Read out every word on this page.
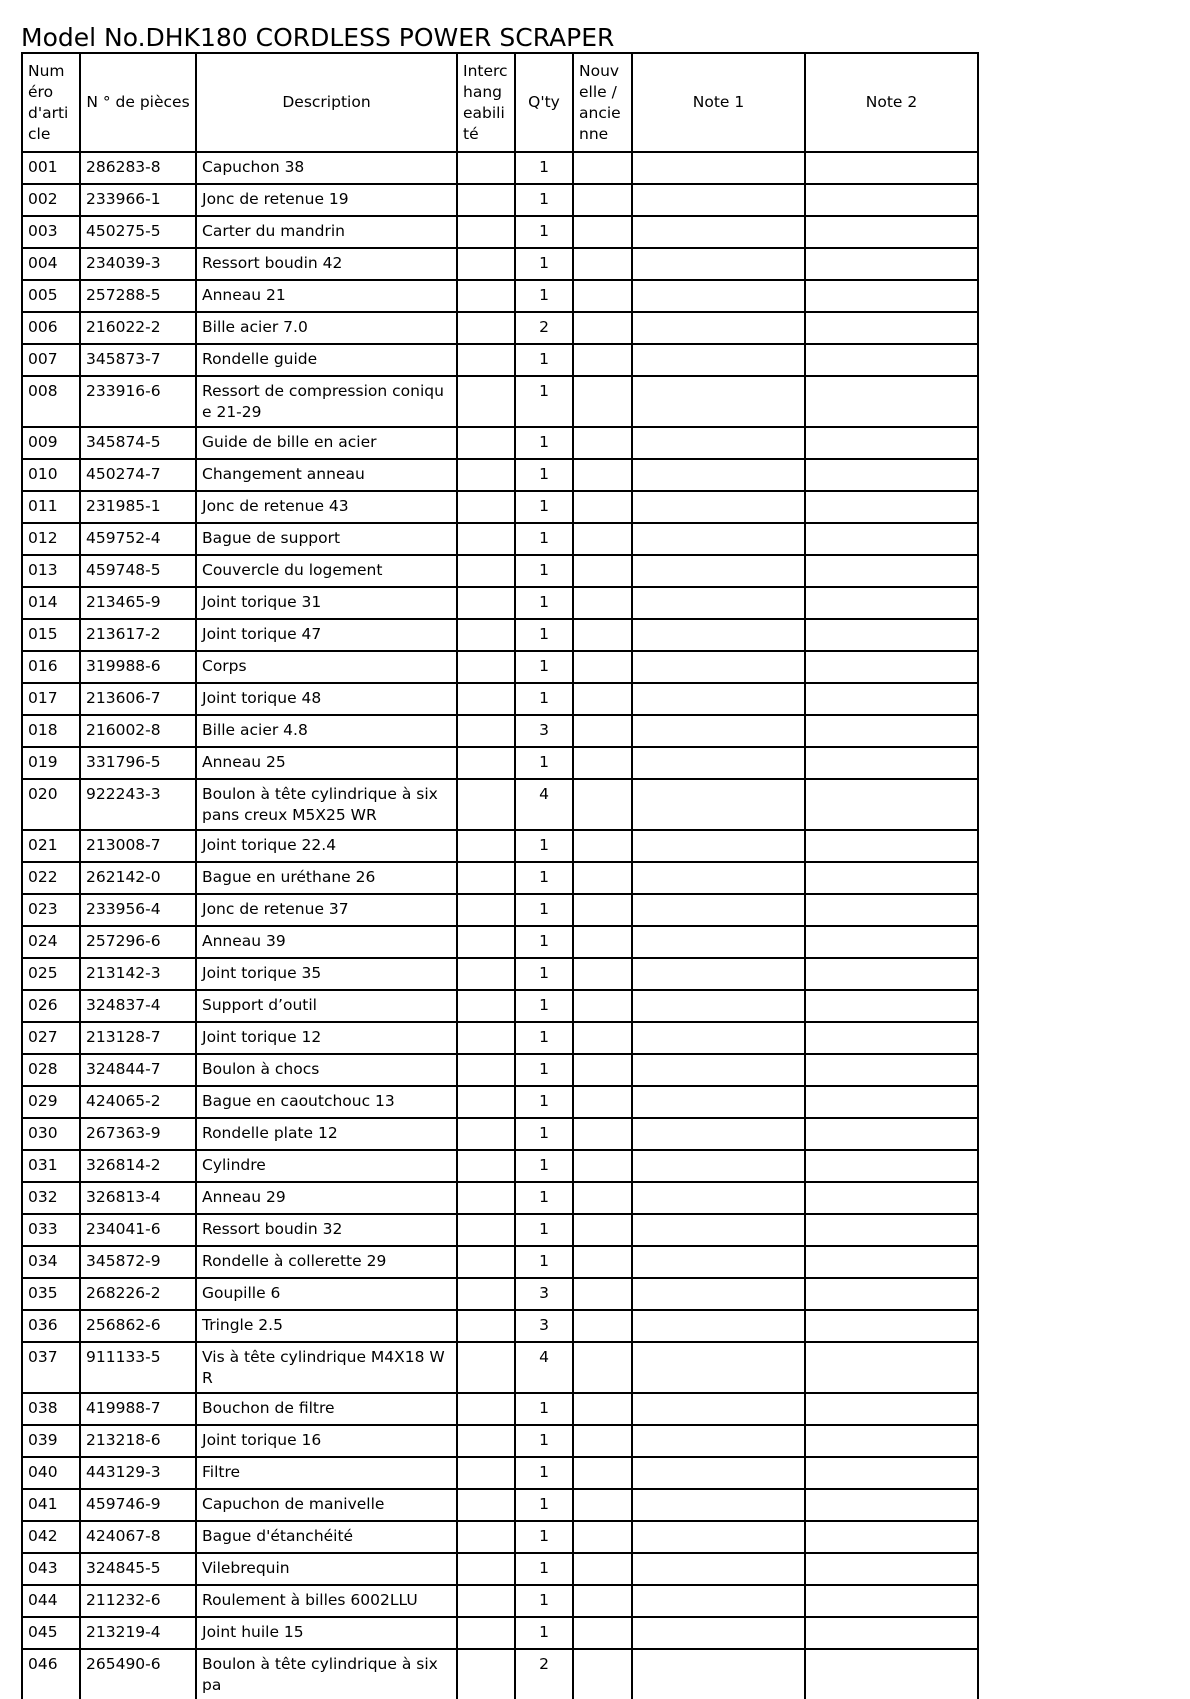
Model No.DHK180 CORDLESS POWER SCRAPER
Numéro d'article	N ° de pièces	Description	Interchangeabilité	Q'ty	Nouvelle / ancienne	Note 1	Note 2
001	286283-8	Capuchon 38		1			
002	233966-1	Jonc de retenue 19		1			
003	450275-5	Carter du mandrin		1			
004	234039-3	Ressort boudin 42		1			
005	257288-5	Anneau 21		1			
006	216022-2	Bille acier 7.0		2			
007	345873-7	Rondelle guide		1			
008	233916-6	Ressort de compression conique 21-29		1			
009	345874-5	Guide de bille en acier		1			
010	450274-7	Changement anneau		1			
011	231985-1	Jonc de retenue 43		1			
012	459752-4	Bague de support		1			
013	459748-5	Couvercle du logement		1			
014	213465-9	Joint torique 31		1			
015	213617-2	Joint torique 47		1			
016	319988-6	Corps		1			
017	213606-7	Joint torique 48		1			
018	216002-8	Bille acier 4.8		3			
019	331796-5	Anneau 25		1			
020	922243-3	Boulon à tête cylindrique à six pans creux M5X25 WR		4			
021	213008-7	Joint torique 22.4		1			
022	262142-0	Bague en uréthane 26		1			
023	233956-4	Jonc de retenue 37		1			
024	257296-6	Anneau 39		1			
025	213142-3	Joint torique 35		1			
026	324837-4	Support d’outil		1			
027	213128-7	Joint torique 12		1			
028	324844-7	Boulon à chocs		1			
029	424065-2	Bague en caoutchouc 13		1			
030	267363-9	Rondelle plate 12		1			
031	326814-2	Cylindre		1			
032	326813-4	Anneau 29		1			
033	234041-6	Ressort boudin 32		1			
034	345872-9	Rondelle à collerette 29		1			
035	268226-2	Goupille 6		3			
036	256862-6	Tringle 2.5		3			
037	911133-5	Vis à tête cylindrique M4X18 WR		4			
038	419988-7	Bouchon de filtre		1			
039	213218-6	Joint torique 16		1			
040	443129-3	Filtre		1			
041	459746-9	Capuchon de manivelle		1			
042	424067-8	Bague d'étanchéité		1			
043	324845-5	Vilebrequin		1			
044	211232-6	Roulement à billes 6002LLU		1			
045	213219-4	Joint huile 15		1			
046	265490-6	Boulon à tête cylindrique à six pa		2			
